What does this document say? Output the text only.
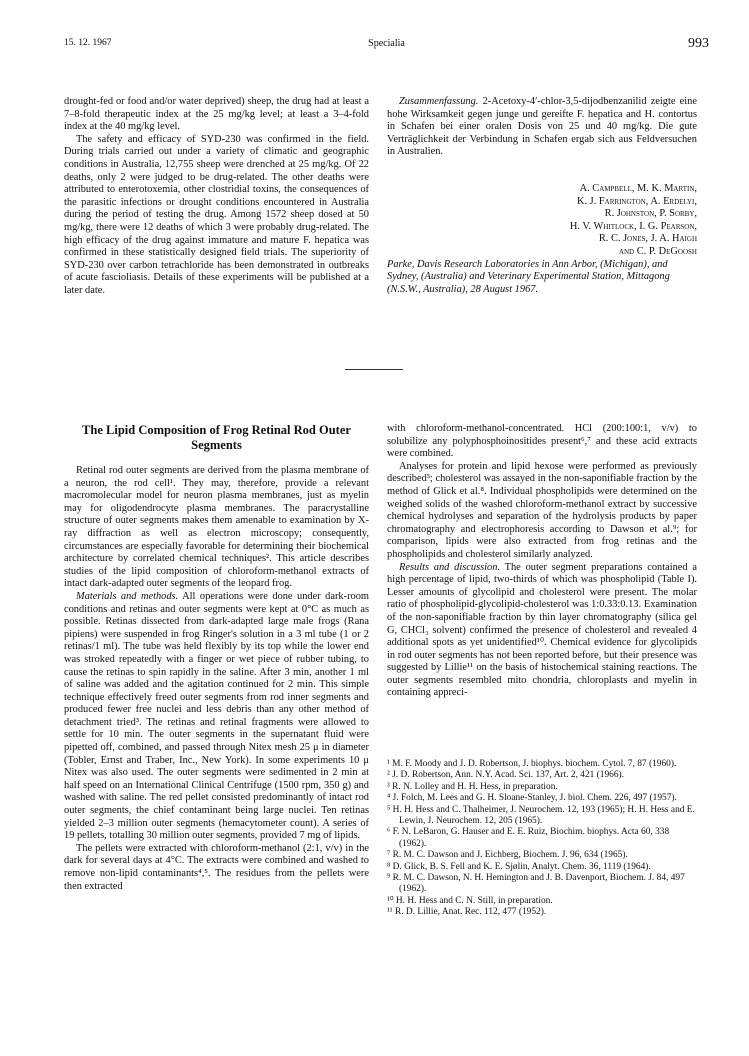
15. 12. 1967	Specialia	993

drought-fed or food and/or water deprived) sheep, the drug had at least a 7–8-fold therapeutic index at the 25 mg/kg level; at least a 3–4-fold index at the 40 mg/kg level.

The safety and efficacy of SYD-230 was confirmed in the field. During trials carried out under a variety of climatic and geographic conditions in Australia, 12,755 sheep were drenched at 25 mg/kg. Of 22 deaths, only 2 were judged to be drug-related. The other deaths were attributed to enterotoxemia, other clostridial toxins, the consequences of the parasitic infections or drought conditions encountered in Australia during the period of testing the drug. Among 1572 sheep dosed at 50 mg/kg, there were 12 deaths of which 3 were probably drug-related. The high efficacy of the drug against immature and mature F. hepatica was confirmed in these statistically designed field trials. The superiority of SYD-230 over carbon tetrachloride has been demonstrated in outbreaks of acute fascioliasis. Details of these experiments will be published at a later date.

Zusammenfassung. 2-Acetoxy-4′-chlor-3,5-dijodbenzanilid zeigte eine hohe Wirksamkeit gegen junge und gereifte F. hepatica and H. contortus in Schafen bei einer oralen Dosis von 25 und 40 mg/kg. Die gute Verträglichkeit der Verbindung in Schafen ergab sich aus Feldversuchen in Australien.

A. Campbell, M. K. Martin,
K. J. Farrington, A. Erdelyi,
R. Johnston, P. Sorby,
H. V. Whitlock, I. G. Pearson,
R. C. Jones, J. A. Haigh
and C. P. DeGoosh

Parke, Davis Research Laboratories in Ann Arbor, (Michigan), and Sydney, (Australia) and Veterinary Experimental Station, Mittagong (N.S.W., Australia), 28 August 1967.

The Lipid Composition of Frog Retinal Rod Outer Segments

Retinal rod outer segments are derived from the plasma membrane of a neuron, the rod cell¹. They may, therefore, provide a relevant macromolecular model for neuron plasma membranes, just as myelin may for oligodendrocyte plasma membranes. The paracrystalline structure of outer segments makes them amenable to examination by X-ray diffraction as well as electron microscopy; consequently, circumstances are especially favorable for determining their biochemical architecture by correlated chemical techniques². This article describes studies of the lipid composition of chloroform-methanol extracts of intact dark-adapted outer segments of the leopard frog.

Materials and methods. All operations were done under dark-room conditions and retinas and outer segments were kept at 0°C as much as possible. Retinas dissected from dark-adapted large male frogs (Rana pipiens) were suspended in frog Ringer's solution in a 3 ml tube (1 or 2 retinas/1 ml). The tube was held flexibly by its top while the lower end was stroked repeatedly with a finger or wet piece of rubber tubing, to cause the retinas to spin rapidly in the saline. After 3 min, another 1 ml of saline was added and the agitation continued for 2 min. This simple technique effectively freed outer segments from rod inner segments and produced fewer free nuclei and less debris than any other method of detachment tried³. The retinas and retinal fragments were allowed to settle for 10 min. The outer segments in the supernatant fluid were pipetted off, combined, and passed through Nitex mesh 25 μ in diameter (Tobler, Ernst and Traber, Inc., New York). In some experiments 10 μ Nitex was also used. The outer segments were sedimented in 2 min at half speed on an International Clinical Centrifuge (1500 rpm, 350 g) and washed with saline. The red pellet consisted predominantly of intact rod outer segments, the chief contaminant being large nuclei. Ten retinas yielded 2–3 million outer segments (hemacytometer count). A series of 19 pellets, totalling 30 million outer segments, provided 7 mg of lipids.

The pellets were extracted with chloroform-methanol (2:1, v/v) in the dark for several days at 4°C. The extracts were combined and washed to remove non-lipid contaminants⁴,⁵. The residues from the pellets were then extracted

with chloroform-methanol-concentrated. HCl (200:100:1, v/v) to solubilize any polyphosphoinositides present⁶,⁷ and these acid extracts were combined.

Analyses for protein and lipid hexose were performed as previously described³; cholesterol was assayed in the non-saponifiable fraction by the method of Glick et al.⁸. Individual phospholipids were determined on the weighed solids of the washed chloroform-methanol extract by successive chemical hydrolyses and separation of the hydrolysis products by paper chromatography and electrophoresis according to Dawson et al.⁹; for comparison, lipids were also extracted from frog retinas and the phospholipids and cholesterol similarly analyzed.

Results and discussion. The outer segment preparations contained a high percentage of lipid, two-thirds of which was phospholipid (Table I). Lesser amounts of glycolipid and cholesterol were present. The molar ratio of phospholipid-glycolipid-cholesterol was 1:0.33:0.13. Examination of the non-saponifiable fraction by thin layer chromatography (silica gel G, CHCl₃ solvent) confirmed the presence of cholesterol and revealed 4 additional spots as yet unidentified¹⁰. Chemical evidence for glycolipids in rod outer segments has not been reported before, but their presence was suggested by Lillie¹¹ on the basis of histochemical staining reactions. The outer segments resembled mito chondria, chloroplasts and myelin in containing appreci-

¹ M. F. Moody and J. D. Robertson, J. biophys. biochem. Cytol. 7, 87 (1960).
² J. D. Robertson, Ann. N.Y. Acad. Sci. 137, Art. 2, 421 (1966).
³ R. N. Lolley and H. H. Hess, in preparation.
⁴ J. Folch, M. Lees and G. H. Sloane-Stanley, J. biol. Chem. 226, 497 (1957).
⁵ H. H. Hess and C. Thalheimer, J. Neurochem. 12, 193 (1965); H. H. Hess and E. Lewin, J. Neurochem. 12, 205 (1965).
⁶ F. N. LeBaron, G. Hauser and E. E. Ruiz, Biochim. biophys. Acta 60, 338 (1962).
⁷ R. M. C. Dawson and J. Eichberg, Biochem. J. 96, 634 (1965).
⁸ D. Glick, B. S. Fell and K. E. Sjølin, Analyt. Chem. 36, 1119 (1964).
⁹ R. M. C. Dawson, N. H. Hemington and J. B. Davenport, Biochem. J. 84, 497 (1962).
¹⁰ H. H. Hess and C. N. Still, in preparation.
¹¹ R. D. Lillie, Anat. Rec. 112, 477 (1952).
